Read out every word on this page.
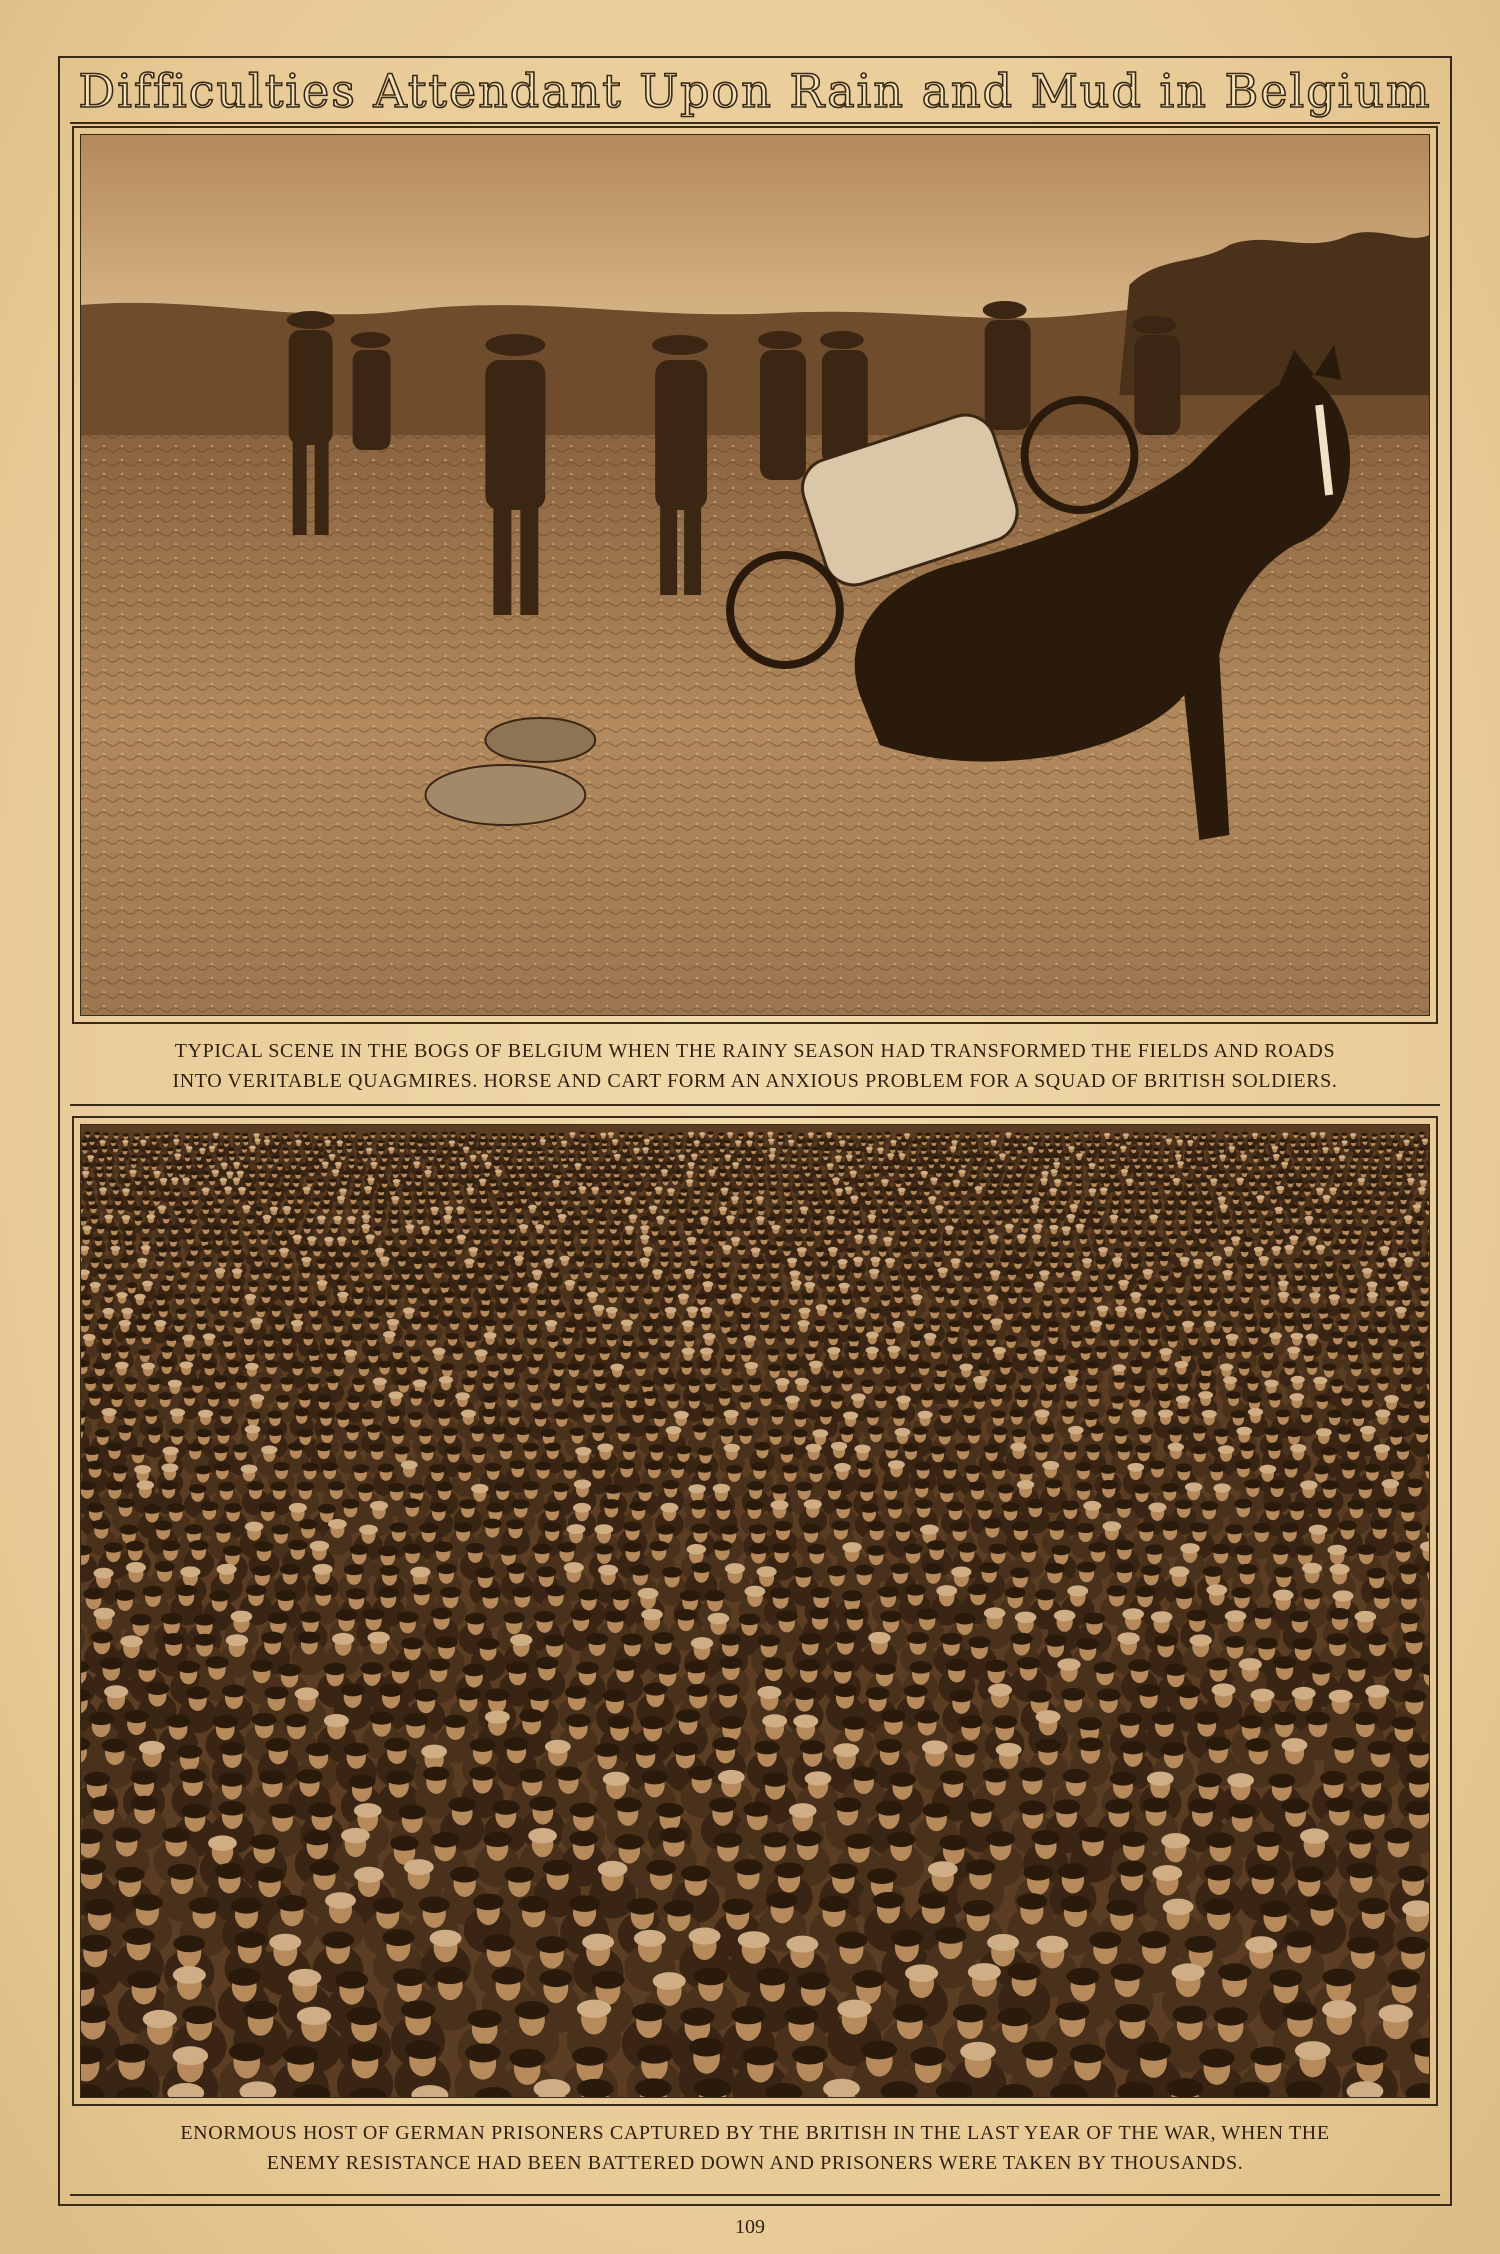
Difficulties Attendant Upon Rain and Mud in Belgium
TYPICAL SCENE IN THE BOGS OF BELGIUM WHEN THE RAINY SEASON HAD TRANSFORMED THE FIELDS AND ROADS
INTO VERITABLE QUAGMIRES. HORSE AND CART FORM AN ANXIOUS PROBLEM FOR A SQUAD OF BRITISH SOLDIERS.
ENORMOUS HOST OF GERMAN PRISONERS CAPTURED BY THE BRITISH IN THE LAST YEAR OF THE WAR, WHEN THE
ENEMY RESISTANCE HAD BEEN BATTERED DOWN AND PRISONERS WERE TAKEN BY THOUSANDS.
109
